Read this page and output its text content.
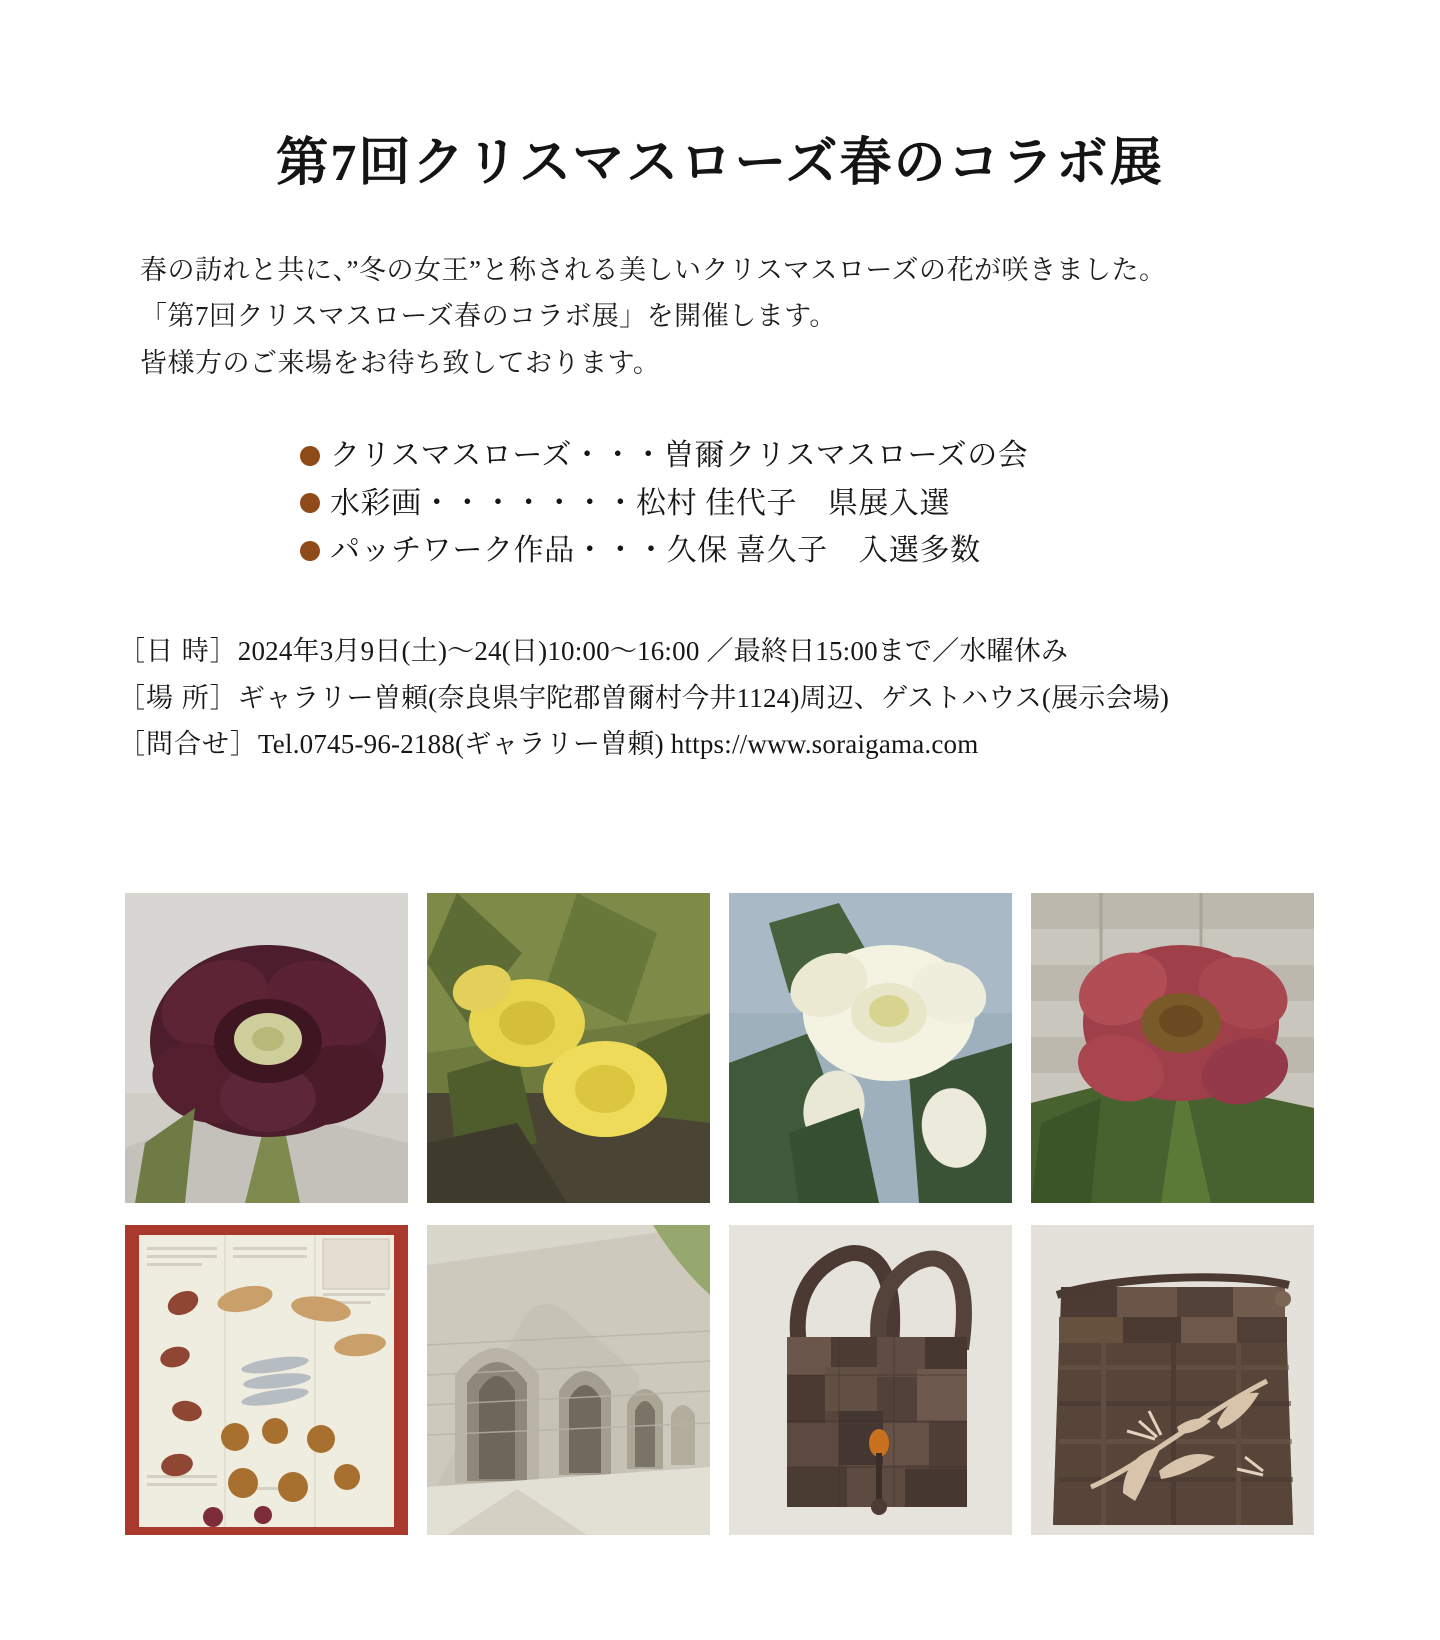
第7回クリスマスローズ春のコラボ展
春の訪れと共に、”冬の女王”と称される美しいクリスマスローズの花が咲きました。
「第7回クリスマスローズ春のコラボ展」を開催します。
皆様方のご来場をお待ち致しております。
クリスマスローズ・・・曽爾クリスマスローズの会
水彩画・・・・・・・松村 佳代子　県展入選
パッチワーク作品・・・久保 喜久子　入選多数
［日 時］2024年3月9日(土)〜24(日)10:00〜16:00 ／最終日15:00まで／水曜休み
［場 所］ギャラリー曽頼(奈良県宇陀郡曽爾村今井1124)周辺、ゲストハウス(展示会場)
［問合せ］Tel.0745-96-2188(ギャラリー曽頼) https://www.soraigama.com
